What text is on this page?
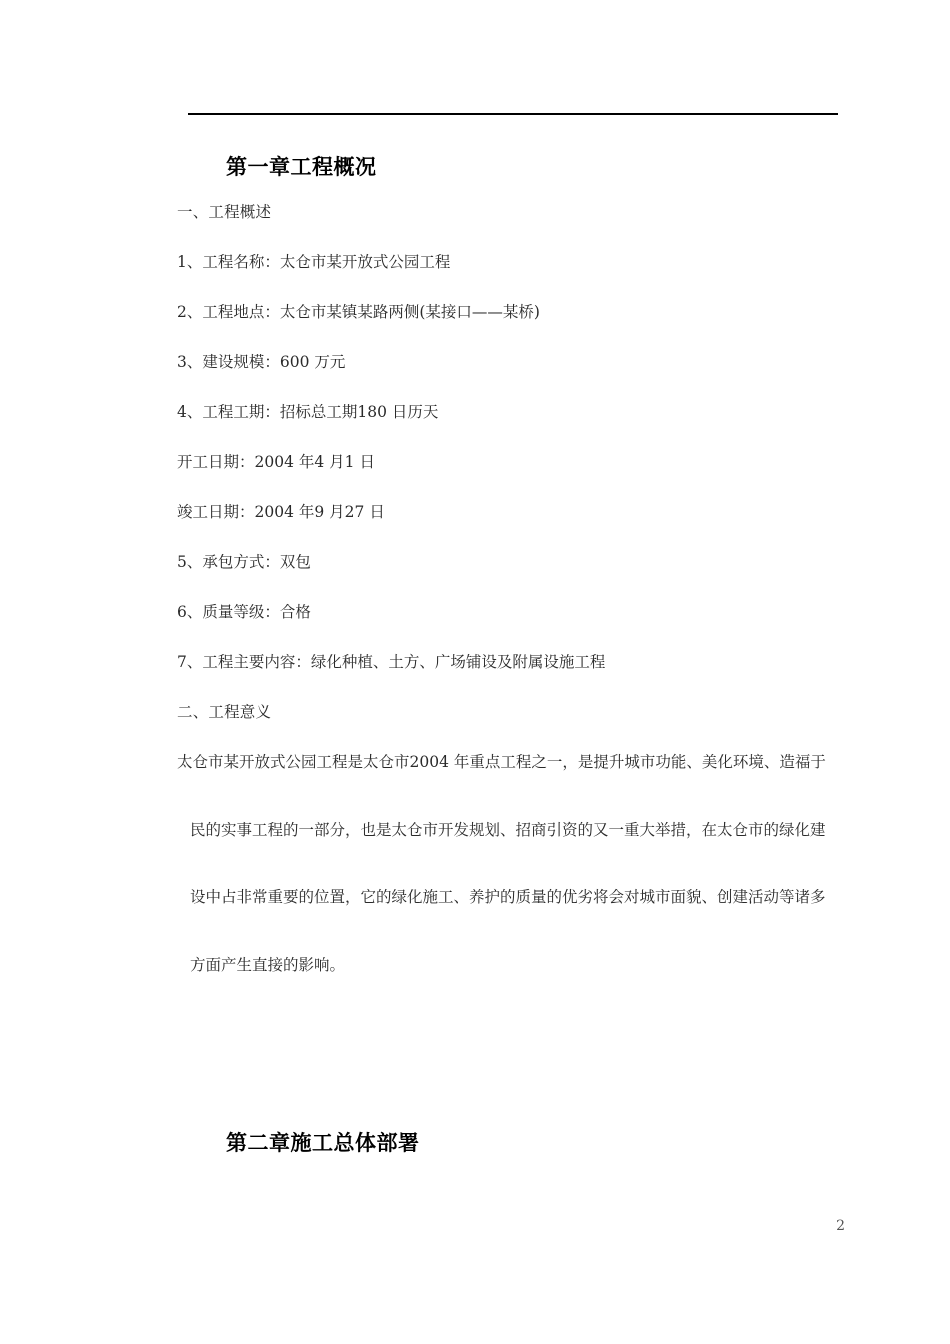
第一章工程概况

一、工程概述

1、工程名称：太仓市某开放式公园工程

2、工程地点：太仓市某镇某路两侧(某接口——某桥)

3、建设规模：600 万元

4、工程工期：招标总工期180 日历天

开工日期：2004 年4 月1 日

竣工日期：2004 年9 月27 日

5、承包方式：双包

6、质量等级：合格

7、工程主要内容：绿化种植、土方、广场铺设及附属设施工程

二、工程意义

太仓市某开放式公园工程是太仓市2004 年重点工程之一，是提升城市功能、美化环境、造福于

民的实事工程的一部分，也是太仓市开发规划、招商引资的又一重大举措，在太仓市的绿化建

设中占非常重要的位置，它的绿化施工、养护的质量的优劣将会对城市面貌、创建活动等诸多

方面产生直接的影响。

第二章施工总体部署
2
